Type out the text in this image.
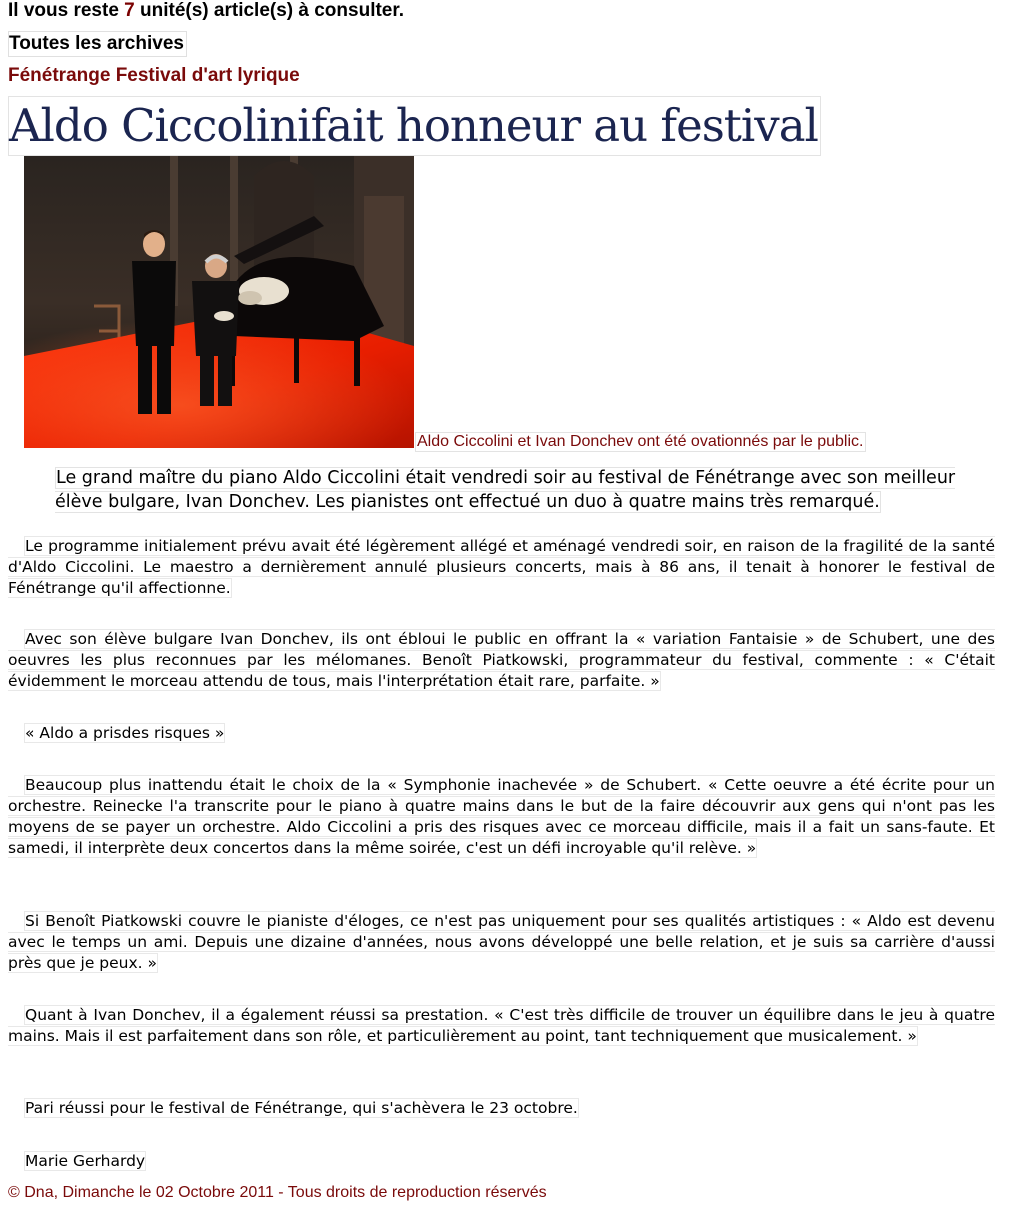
Il vous reste 7 unité(s) article(s) à consulter.
Toutes les archives
Fénétrange Festival d'art lyrique
Aldo Ciccolinifait honneur au festival
Aldo Ciccolini et Ivan Donchev ont été ovationnés par le public.
Le grand maître du piano Aldo Ciccolini était vendredi soir au festival de Fénétrange avec son meilleur élève bulgare, Ivan Donchev. Les pianistes ont effectué un duo à quatre mains très remarqué.
Le programme initialement prévu avait été légèrement allégé et aménagé vendredi soir, en raison de la fragilité de la santé d'Aldo Ciccolini. Le maestro a dernièrement annulé plusieurs concerts, mais à 86 ans, il tenait à honorer le festival de Fénétrange qu'il affectionne.
Avec son élève bulgare Ivan Donchev, ils ont ébloui le public en offrant la « variation Fantaisie » de Schubert, une des oeuvres les plus reconnues par les mélomanes. Benoît Piatkowski, programmateur du festival, commente : « C'était évidemment le morceau attendu de tous, mais l'interprétation était rare, parfaite. »
« Aldo a prisdes risques »
Beaucoup plus inattendu était le choix de la « Symphonie inachevée » de Schubert. « Cette oeuvre a été écrite pour un orchestre. Reinecke l'a transcrite pour le piano à quatre mains dans le but de la faire découvrir aux gens qui n'ont pas les moyens de se payer un orchestre. Aldo Ciccolini a pris des risques avec ce morceau difficile, mais il a fait un sans-faute. Et samedi, il interprète deux concertos dans la même soirée, c'est un défi incroyable qu'il relève. »
Si Benoît Piatkowski couvre le pianiste d'éloges, ce n'est pas uniquement pour ses qualités artistiques : « Aldo est devenu avec le temps un ami. Depuis une dizaine d'années, nous avons développé une belle relation, et je suis sa carrière d'aussi près que je peux. »
Quant à Ivan Donchev, il a également réussi sa prestation. « C'est très difficile de trouver un équilibre dans le jeu à quatre mains. Mais il est parfaitement dans son rôle, et particulièrement au point, tant techniquement que musicalement. »
Pari réussi pour le festival de Fénétrange, qui s'achèvera le 23 octobre.
Marie Gerhardy
© Dna, Dimanche le 02 Octobre 2011 - Tous droits de reproduction réservés
